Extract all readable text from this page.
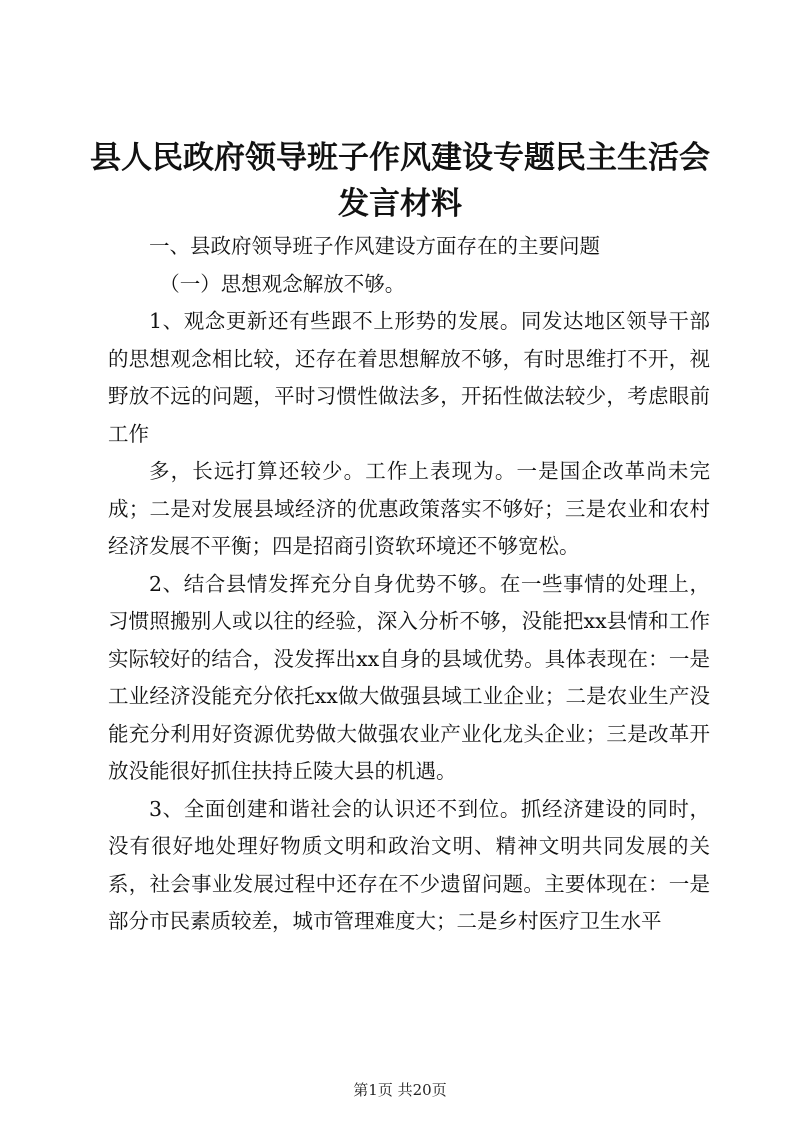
县人民政府领导班子作风建设专题民主生活会
发言材料

一、县政府领导班子作风建设方面存在的主要问题

（一）思想观念解放不够。

1、观念更新还有些跟不上形势的发展。同发达地区领导干部的思想观念相比较，还存在着思想解放不够，有时思维打不开，视野放不远的问题，平时习惯性做法多，开拓性做法较少，考虑眼前工作

多，长远打算还较少。工作上表现为。一是国企改革尚未完成；二是对发展县域经济的优惠政策落实不够好；三是农业和农村经济发展不平衡；四是招商引资软环境还不够宽松。

2、结合县情发挥充分自身优势不够。在一些事情的处理上，习惯照搬别人或以往的经验，深入分析不够，没能把xx县情和工作实际较好的结合，没发挥出xx自身的县域优势。具体表现在：一是工业经济没能充分依托xx做大做强县域工业企业；二是农业生产没能充分利用好资源优势做大做强农业产业化龙头企业；三是改革开放没能很好抓住扶持丘陵大县的机遇。

3、全面创建和谐社会的认识还不到位。抓经济建设的同时，没有很好地处理好物质文明和政治文明、精神文明共同发展的关系，社会事业发展过程中还存在不少遗留问题。主要体现在：一是部分市民素质较差，城市管理难度大；二是乡村医疗卫生水平

第1页 共20页
